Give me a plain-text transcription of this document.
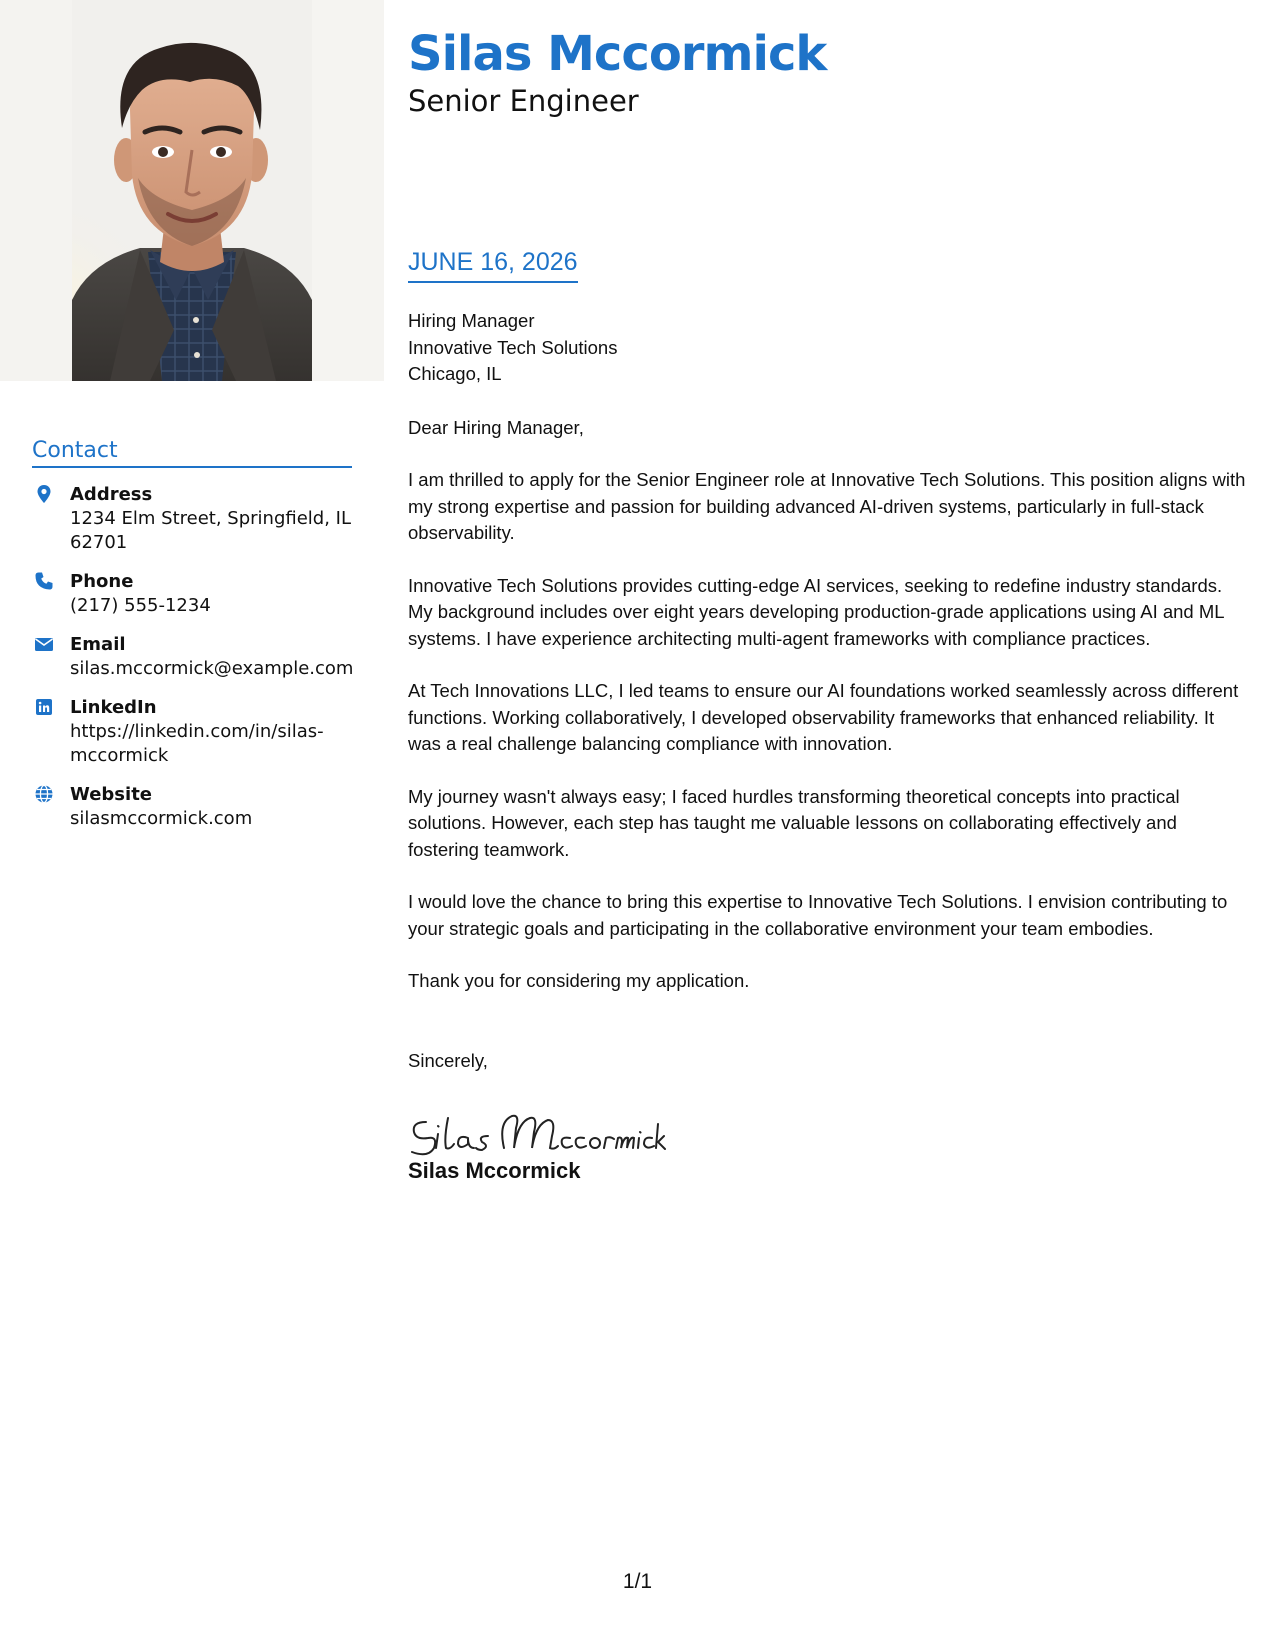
Contact
Address
1234 Elm Street, Springfield, IL 62701
Phone
(217) 555-1234
Email
silas.mccormick@example.com
LinkedIn
https://linkedin.com/in/silas-mccormick
Website
silasmccormick.com
Silas Mccormick
Senior Engineer
JUNE 16, 2026

Hiring Manager
Innovative Tech Solutions
Chicago, IL

Dear Hiring Manager,

I am thrilled to apply for the Senior Engineer role at Innovative Tech Solutions. This position aligns with my strong expertise and passion for building advanced AI-driven systems, particularly in full-stack observability.

Innovative Tech Solutions provides cutting-edge AI services, seeking to redefine industry standards. My background includes over eight years developing production-grade applications using AI and ML systems. I have experience architecting multi-agent frameworks with compliance practices.

At Tech Innovations LLC, I led teams to ensure our AI foundations worked seamlessly across different functions. Working collaboratively, I developed observability frameworks that enhanced reliability. It was a real challenge balancing compliance with innovation.

My journey wasn't always easy; I faced hurdles transforming theoretical concepts into practical solutions. However, each step has taught me valuable lessons on collaborating effectively and fostering teamwork.

I would love the chance to bring this expertise to Innovative Tech Solutions. I envision contributing to your strategic goals and participating in the collaborative environment your team embodies.

Thank you for considering my application.

Sincerely,

Silas Mccormick

1/1
